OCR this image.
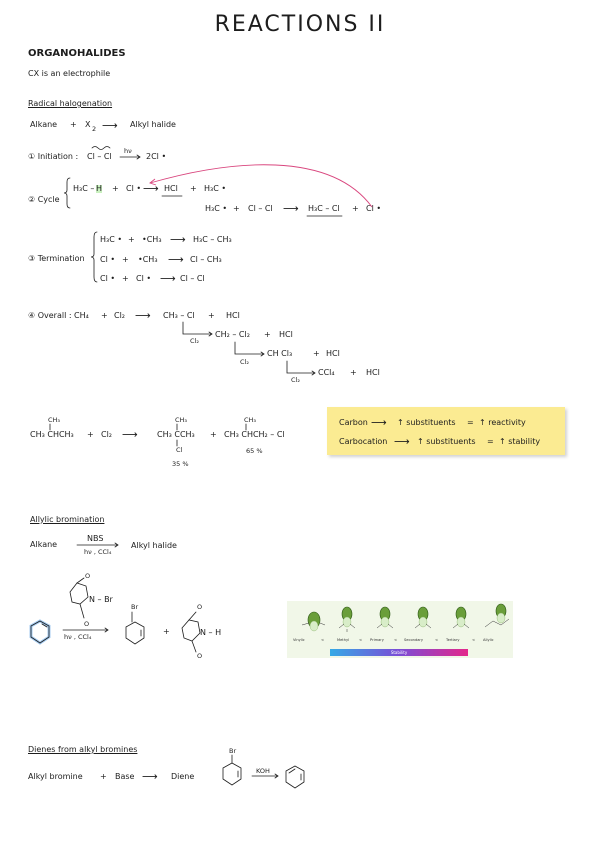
REACTIONS II
ORGANOHALIDES
CX is an electrophile
Radical halogenation
Alkane + X 2 ⟶ Alkyl halide
① Initiation : Cl – Cl
hν
2Cl •
② Cycle
H₃C – H + Cl • ⟶ HCl + H₃C •
H₃C • + Cl – Cl ⟶ H₃C – Cl + Cl •
③ Termination
H₃C • + •CH₃ ⟶ H₃C – CH₃
Cl • + •CH₃ ⟶ Cl – CH₃
Cl • + Cl • ⟶ Cl – Cl
④ Overall : CH₄ + Cl₂ ⟶ CH₃ – Cl + HCl
CH₂ – Cl₂ + HCl
Cl₂
CH Cl₃	+ HCl
Cl₂
CCl₄ + HCl
Cl₂
CH₃
CH₃ CHCH₃ + Cl₂ ⟶
CH₃
CH₃ CCH₃
Cl
35 %
+
CH₃
CH₃ CHCH₂ – Cl
65 %
Carbon ⟶ ↑ substituents = ↑ reactivity
Carbocation ⟶ ↑ substituents = ↑ stability
Allylic bromination
Alkane
NBS
hν , CCl₄
Alkyl halide
O
O
N – Br
hν , CCl₄
Br
+
O
O
N – H
Vinylic	<	Methyl	< Primary	< Secondary	< Tertiary	< Allylic
Stability
Dienes from alkyl bromines
Alkyl bromine + Base ⟶ Diene
Br
KOH
